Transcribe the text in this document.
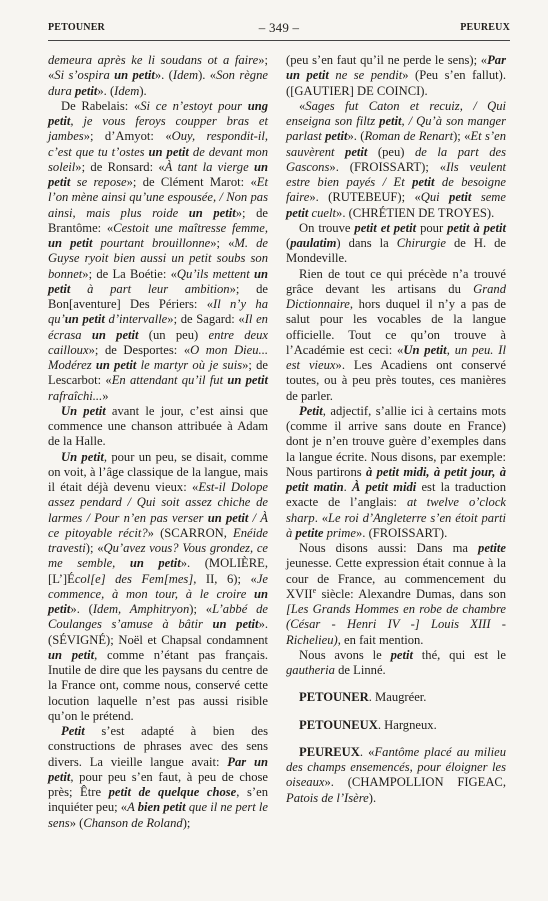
PETOUNER	– 349 –	PEUREUX

demeura après ke li soudans ot a faire»; «Si s’ospira un petit». (Idem). «Son règne dura petit». (Idem).

De Rabelais: «Si ce n’estoyt pour ung petit, je vous feroys coupper bras et jambes»; d’Amyot: «Ouy, respondit-il, c’est que tu t’ostes un petit de devant mon soleil»; de Ronsard: «À tant la vierge un petit se repose»; de Clément Marot: «Et l’on mène ainsi qu’une espousée, / Non pas ainsi, mais plus roide un petit»; de Brantôme: «Cestoit une maîtresse femme, un petit pourtant brouillonne»; «M. de Guyse ryoit bien aussi un petit soubs son bonnet»; de La Boétie: «Qu’ils mettent un petit à part leur ambition»; de Bon[aventure] Des Périers: «Il n’y ha qu’un petit d’intervalle»; de Sagard: «Il en écrasa un petit (un peu) entre deux cailloux»; de Desportes: «O mon Dieu... Modérez un petit le martyr où je suis»; de Lescarbot: «En attendant qu’il fut un petit rafraîchi...»

Un petit avant le jour, c’est ainsi que commence une chanson attribuée à Adam de la Halle.

Un petit, pour un peu, se disait, comme on voit, à l’âge classique de la langue, mais il était déjà devenu vieux: «Est-il Dolope assez pendard / Qui soit assez chiche de larmes / Pour n’en pas verser un petit / À ce pitoyable récit?» (SCARRON, Enéide travesti); «Qu’avez vous? Vous grondez, ce me semble, un petit». (MOLIÈRE, [L’]Écol[e] des Fem[mes], II, 6); «Je commence, à mon tour, à le croire un petit». (Idem, Amphitryon); «L’abbé de Coulanges s’amuse à bâtir un petit». (SÉVIGNÉ); Noël et Chapsal condamnent un petit, comme n’étant pas français. Inutile de dire que les paysans du centre de la France ont, comme nous, conservé cette locution laquelle n’est pas aussi risible qu’on le prétend.

Petit s’est adapté à bien des constructions de phrases avec des sens divers. La vieille langue avait: Par un petit, pour peu s’en faut, à peu de chose près; Être petit de quelque chose, s’en inquiéter peu; «A bien petit que il ne pert le sens» (Chanson de Roland);

(peu s’en faut qu’il ne perde le sens); «Par un petit ne se pendit» (Peu s’en fallut). ([GAUTIER] DE COINCI).

«Sages fut Caton et recuiz, / Qui enseigna son filtz petit, / Qu’à son manger parlast petit». (Roman de Renart); «Et s’en sauvèrent petit (peu) de la part des Gascons». (FROISSART); «Ils veulent estre bien payés / Et petit de besoigne faire». (RUTEBEUF); «Qui petit seme petit cuelt». (CHRÉTIEN DE TROYES).

On trouve petit et petit pour petit à petit (paulatim) dans la Chirurgie de H. de Mondeville.

Rien de tout ce qui précède n’a trouvé grâce devant les artisans du Grand Dictionnaire, hors duquel il n’y a pas de salut pour les vocables de la langue officielle. Tout ce qu’on trouve à l’Académie est ceci: «Un petit, un peu. Il est vieux». Les Acadiens ont conservé toutes, ou à peu près toutes, ces manières de parler.

Petit, adjectif, s’allie ici à certains mots (comme il arrive sans doute en France) dont je n’en trouve guère d’exemples dans la langue écrite. Nous disons, par exemple: Nous partirons à petit midi, à petit jour, à petit matin. À petit midi est la traduction exacte de l’anglais: at twelve o’clock sharp. «Le roi d’Angleterre s’en étoit parti à petite prime». (FROISSART).

Nous disons aussi: Dans ma petite jeunesse. Cette expression était connue à la cour de France, au commencement du XVIIe siècle: Alexandre Dumas, dans son [Les Grands Hommes en robe de chambre (César - Henri IV -] Louis XIII - Richelieu), en fait mention.

Nous avons le petit thé, qui est le gautheria de Linné.

PETOUNER. Maugréer.

PETOUNEUX. Hargneux.

PEUREUX. «Fantôme placé au milieu des champs ensemencés, pour éloigner les oiseaux». (CHAMPOLLION FIGEAC, Patois de l’Isère).
